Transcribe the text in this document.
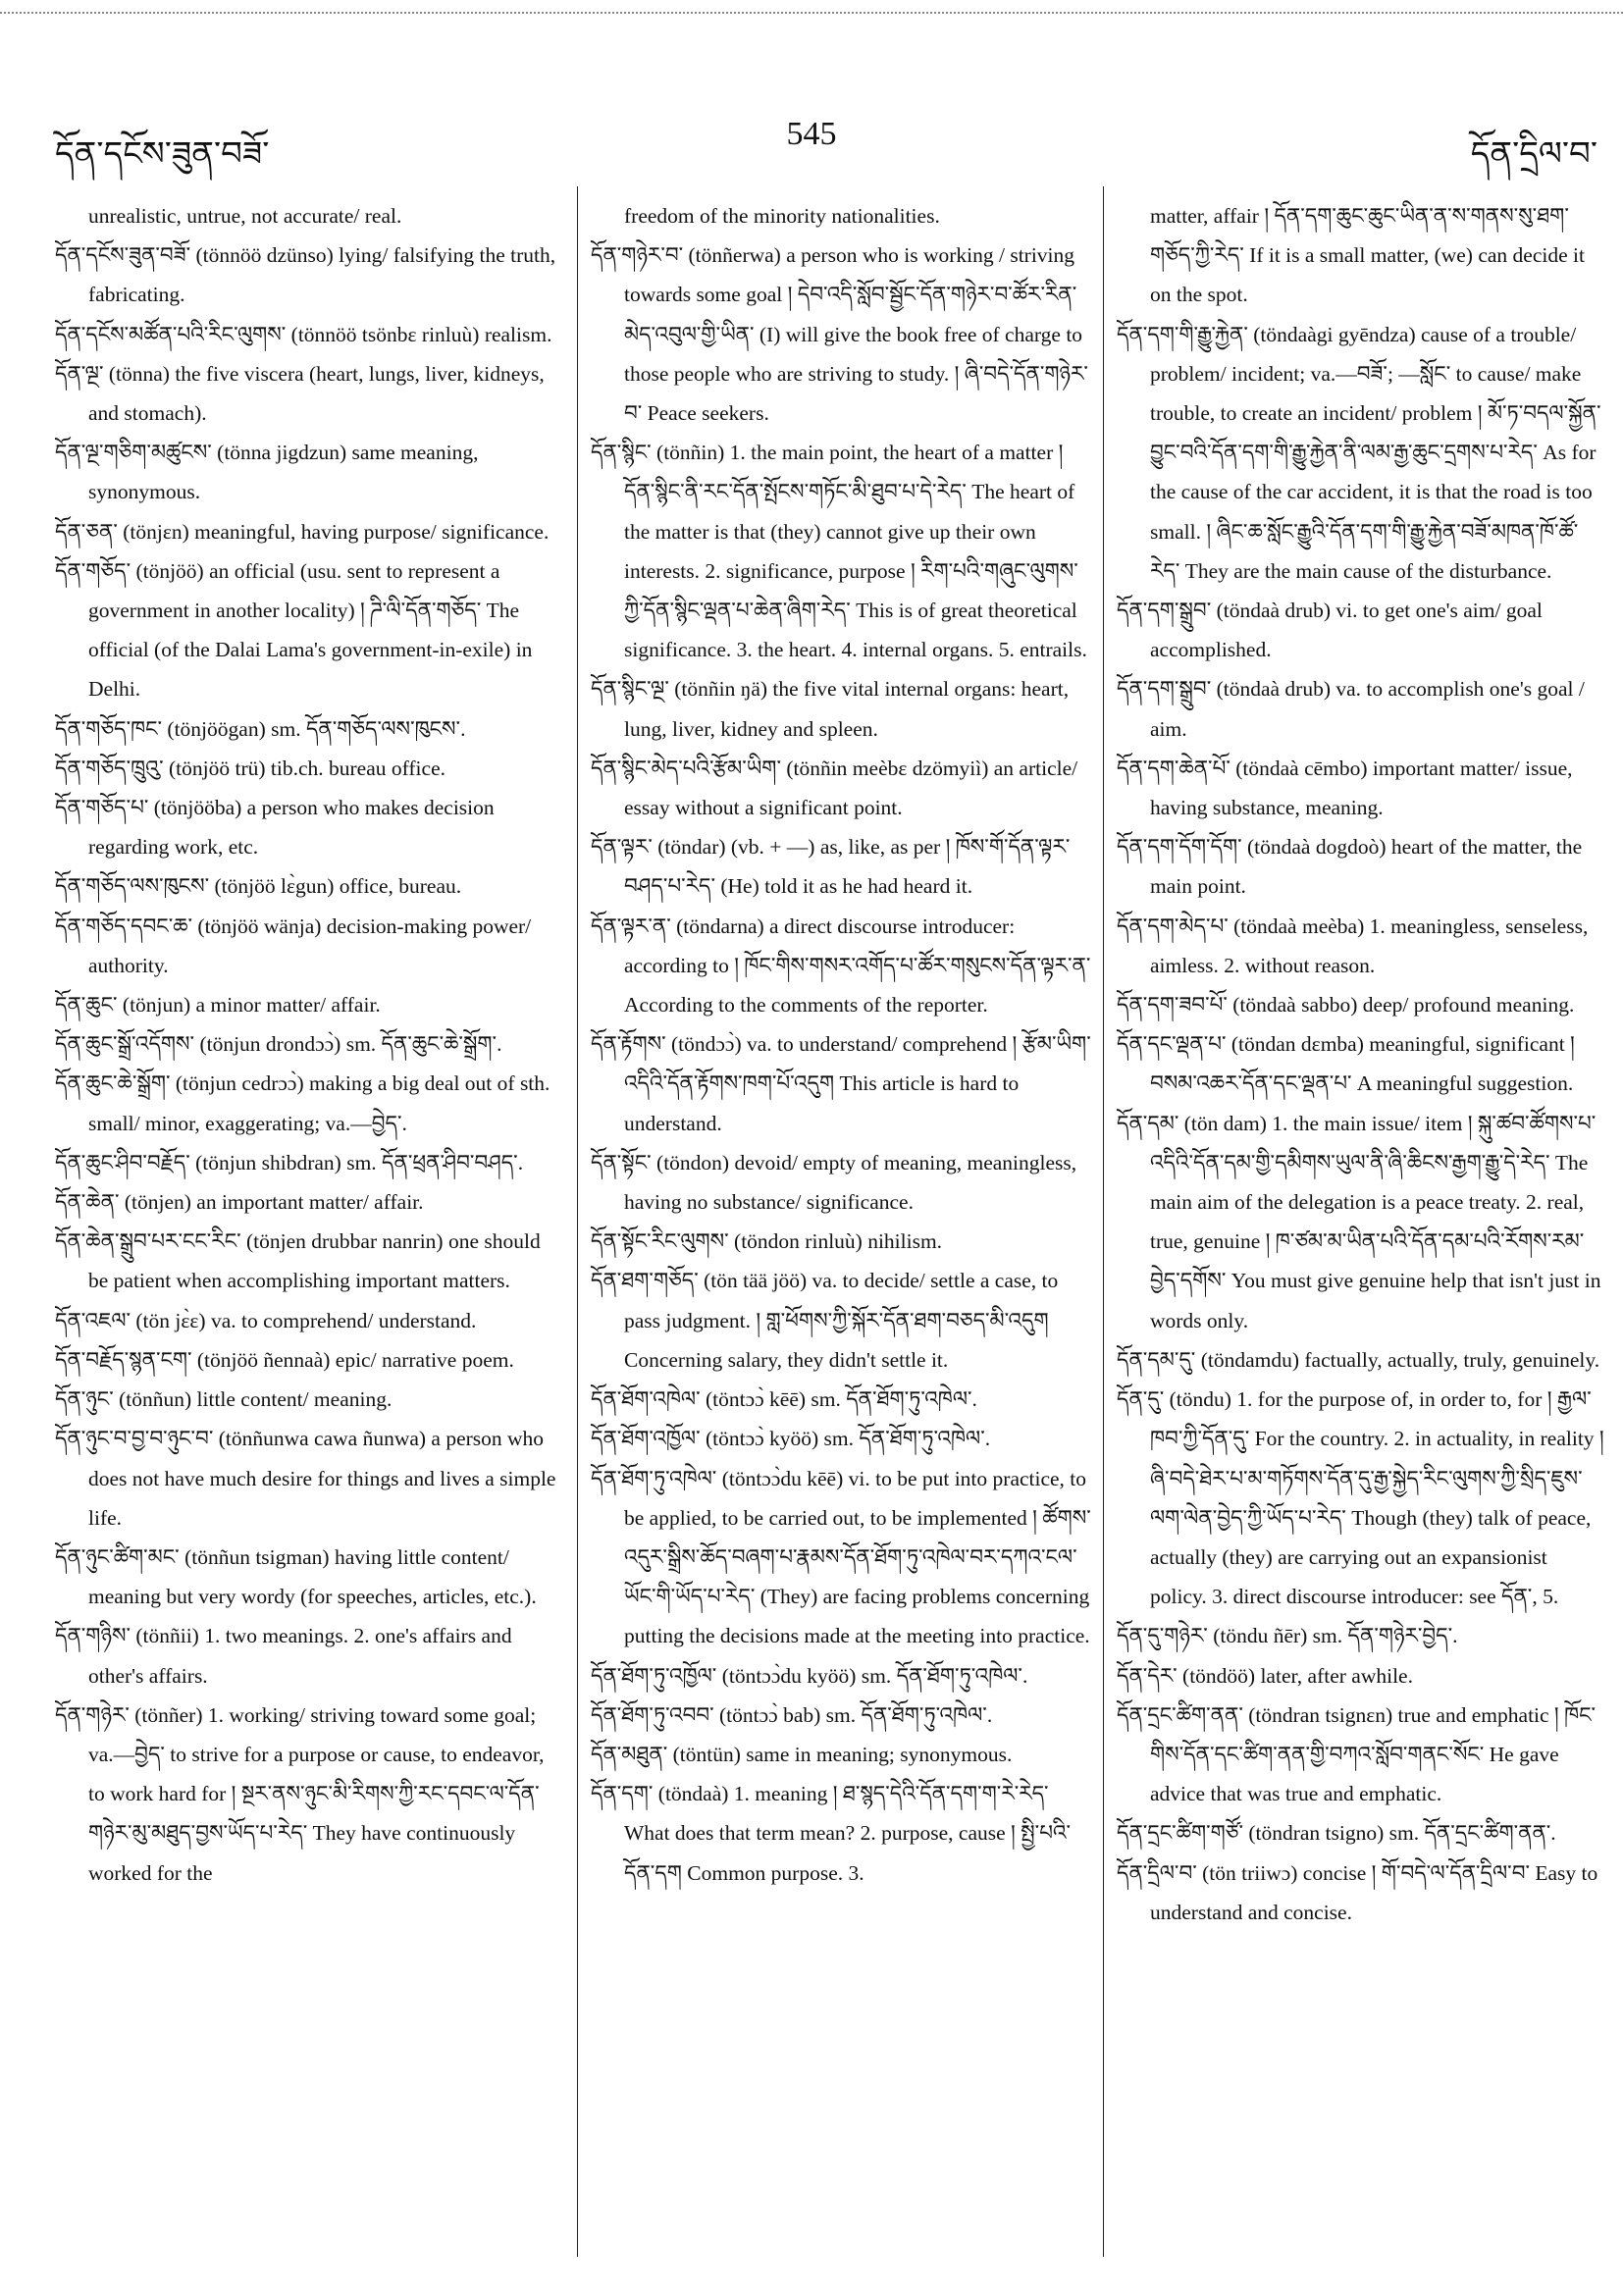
དོན་དངོས་ཟུན་བཟོ་
545
དོན་དྲིལ་བ་

unrealistic, untrue, not accurate/ real.

དོན་དངོས་ཟུན་བཟོ་ (tönnöö dzünso) lying/ falsifying the truth, fabricating.

དོན་དངོས་མཚོན་པའི་རིང་ལུགས་ (tönnöö tsönbɛ rinluù) realism.

དོན་ལྔ་ (tönna) the five viscera (heart, lungs, liver, kidneys, and stomach).

དོན་ལྔ་གཅིག་མཚུངས་ (tönna jigdzun) same meaning, synonymous.

དོན་ཅན་ (tönjɛn) meaningful, having purpose/ significance.

དོན་གཅོད་ (tönjöö) an official (usu. sent to represent a government in another locality) ། ཌི་ལི་དོན་གཅོད་ The official (of the Dalai Lama's government-in-exile) in Delhi.

དོན་གཅོད་ཁང་ (tönjöögan) sm. དོན་གཅོད་ལས་ཁུངས་.

དོན་གཅོད་ཁྲུའུ་ (tönjöö trü) tib.ch. bureau office.

དོན་གཅོད་པ་ (tönjööba) a person who makes decision regarding work, etc.

དོན་གཅོད་ལས་ཁུངས་ (tönjöö lɛ̀gun) office, bureau.

དོན་གཅོད་དབང་ཆ་ (tönjöö wänja) decision-making power/ authority.

དོན་ཆུང་ (tönjun) a minor matter/ affair.

དོན་ཆུང་སྒྲོ་འདོགས་ (tönjun drondɔɔ̀) sm. དོན་ཆུང་ཆེ་སྒྲོག་.

དོན་ཆུང་ཆེ་སྒྲོག་ (tönjun cedrɔɔ̀) making a big deal out of sth. small/ minor, exaggerating; va.—བྱེད་.

དོན་ཆུང་ཤིབ་བརྗོད་ (tönjun shibdran) sm. དོན་ཕྲན་ཤིབ་བཤད་.

དོན་ཆེན་ (tönjen) an important matter/ affair.

དོན་ཆེན་སྒྲུབ་པར་ངང་རིང་ (tönjen drubbar nanrin) one should be patient when accomplishing important matters.

དོན་འཇལ་ (tön jɛ̀ɛ) va. to comprehend/ understand.

དོན་བརྗོད་སྙན་ངག་ (tönjöö ñennaà) epic/ narrative poem.

དོན་ཉུང་ (tönñun) little content/ meaning.

དོན་ཉུང་བ་བྱ་བ་ཉུང་བ་ (tönñunwa cawa ñunwa) a person who does not have much desire for things and lives a simple life.

དོན་ཉུང་ཚིག་མང་ (tönñun tsigman) having little content/ meaning but very wordy (for speeches, articles, etc.).

དོན་གཉིས་ (tönñii) 1. two meanings. 2. one's affairs and other's affairs.

དོན་གཉེར་ (tönñer) 1. working/ striving toward some goal; va.—བྱེད་ to strive for a purpose or cause, to endeavor, to work hard for ། སྔར་ནས་ཉུང་མི་རིགས་ཀྱི་རང་དབང་ལ་དོན་གཉེར་མུ་མཐུད་བྱས་ཡོད་པ་རེད་ They have continuously worked for the

freedom of the minority nationalities.

དོན་གཉེར་བ་ (tönñerwa) a person who is working / striving towards some goal ། དེབ་འདི་སློབ་སྦྱོང་དོན་གཉེར་བ་ཚོར་རིན་མེད་འབུལ་གྱི་ཡིན་ (I) will give the book free of charge to those people who are striving to study. ། ཞི་བདེ་དོན་གཉེར་བ་ Peace seekers.

དོན་སྙིང་ (tönñin) 1. the main point, the heart of a matter ། དོན་སྙིང་ནི་རང་དོན་སྤོངས་གཏོང་མི་ཐུབ་པ་དེ་རེད་ The heart of the matter is that (they) cannot give up their own interests. 2. significance, purpose ། རིག་པའི་གཞུང་ལུགས་ཀྱི་དོན་སྙིང་ལྡན་པ་ཆེན་ཞིག་རེད་ This is of great theoretical significance. 3. the heart. 4. internal organs. 5. entrails.

དོན་སྙིང་ལྔ་ (tönñin ŋä) the five vital internal organs: heart, lung, liver, kidney and spleen.

དོན་སྙིང་མེད་པའི་རྩོམ་ཡིག་ (tönñin meèbɛ dzömyiì) an article/ essay without a significant point.

དོན་ལྟར་ (töndar) (vb. + —) as, like, as per ། ཁོས་གོ་དོན་ལྟར་བཤད་པ་རེད་ (He) told it as he had heard it.

དོན་ལྟར་ན་ (töndarna) a direct discourse introducer: according to ། ཁོང་གིས་གསར་འགོད་པ་ཚོར་གསུངས་དོན་ལྟར་ན་ According to the comments of the reporter.

དོན་རྟོགས་ (töndɔɔ̀) va. to understand/ comprehend ། རྩོམ་ཡིག་འདིའི་དོན་རྟོགས་ཁག་པོ་འདུག This article is hard to understand.

དོན་སྟོང་ (töndon) devoid/ empty of meaning, meaningless, having no substance/ significance.

དོན་སྟོང་རིང་ལུགས་ (töndon rinluù) nihilism.

དོན་ཐག་གཅོད་ (tön tää jöö) va. to decide/ settle a case, to pass judgment. ། གླ་ཕོགས་ཀྱི་སྐོར་དོན་ཐག་བཅད་མི་འདུག Concerning salary, they didn't settle it.

དོན་ཐོག་འཁེལ་ (töntɔɔ̀ kēē) sm. དོན་ཐོག་ཏུ་འཁེལ་.

དོན་ཐོག་འཁྱོལ་ (töntɔɔ̀ kyöö) sm. དོན་ཐོག་ཏུ་འཁེལ་.

དོན་ཐོག་ཏུ་འཁེལ་ (töntɔɔ̀du kēē) vi. to be put into practice, to be applied, to be carried out, to be implemented ། ཚོགས་འདུར་སྒྲིས་ཆོད་བཞག་པ་རྣམས་དོན་ཐོག་ཏུ་འཁེལ་བར་དཀའ་ངལ་ཡོང་གི་ཡོད་པ་རེད་ (They) are facing problems concerning putting the decisions made at the meeting into practice.

དོན་ཐོག་ཏུ་འཁྱོལ་ (töntɔɔ̀du kyöö) sm. དོན་ཐོག་ཏུ་འཁེལ་.

དོན་ཐོག་ཏུ་འབབ་ (töntɔɔ̀ bab) sm. དོན་ཐོག་ཏུ་འཁེལ་.

དོན་མཐུན་ (töntün) same in meaning; synonymous.

དོན་དག་ (töndaà) 1. meaning ། ཐ་སྙད་དེའི་དོན་དག་ག་རེ་རེད་ What does that term mean? 2. purpose, cause ། སྤྱི་པའི་དོན་དག Common purpose. 3.

matter, affair ། དོན་དག་ཆུང་ཆུང་ཡིན་ན་ས་གནས་སུ་ཐག་གཅོད་ཀྱི་རེད་ If it is a small matter, (we) can decide it on the spot.

དོན་དག་གི་རྒྱུ་རྐྱེན་ (töndaàgi gyēndza) cause of a trouble/ problem/ incident; va.—བཟོ་; —སློང་ to cause/ make trouble, to create an incident/ problem ། མོ་ཏ་བདལ་སྐྱོན་བྱུང་བའི་དོན་དག་གི་རྒྱུ་རྐྱེན་ནི་ལམ་རྒྱ་ཆུང་དྲགས་པ་རེད་ As for the cause of the car accident, it is that the road is too small. ། ཞིང་ཆ་སློང་རྒྱུའི་དོན་དག་གི་རྒྱུ་རྐྱེན་བཟོ་མཁན་ཁོ་ཚོ་རེད་ They are the main cause of the disturbance.

དོན་དག་སྒྲུབ་ (töndaà drub) vi. to get one's aim/ goal accomplished.

དོན་དག་སྒྲུབ་ (töndaà drub) va. to accomplish one's goal / aim.

དོན་དག་ཆེན་པོ་ (töndaà cēmbo) important matter/ issue, having substance, meaning.

དོན་དག་དོག་དོག་ (töndaà dogdoò) heart of the matter, the main point.

དོན་དག་མེད་པ་ (töndaà meèba) 1. meaningless, senseless, aimless. 2. without reason.

དོན་དག་ཟབ་པོ་ (töndaà sabbo) deep/ profound meaning.

དོན་དང་ལྡན་པ་ (töndan dɛmba) meaningful, significant ། བསམ་འཆར་དོན་དང་ལྡན་པ་ A meaningful suggestion.

དོན་དམ་ (tön dam) 1. the main issue/ item ། སྐུ་ཚབ་ཚོགས་པ་འདིའི་དོན་དམ་གྱི་དམིགས་ཡུལ་ནི་ཞི་ཆིངས་རྒྱག་རྒྱུ་དེ་རེད་ The main aim of the delegation is a peace treaty. 2. real, true, genuine ། ཁ་ཙམ་མ་ཡིན་པའི་དོན་དམ་པའི་རོགས་རམ་བྱེད་དགོས་ You must give genuine help that isn't just in words only.

དོན་དམ་དུ་ (töndamdu) factually, actually, truly, genuinely.

དོན་དུ་ (töndu) 1. for the purpose of, in order to, for ། རྒྱལ་ཁབ་ཀྱི་དོན་དུ་ For the country. 2. in actuality, in reality ། ཞི་བདེ་ཐེར་པ་མ་གཏོགས་དོན་དུ་རྒྱ་སྐྱེད་རིང་ལུགས་ཀྱི་སྲིད་ཇུས་ལག་ལེན་བྱེད་ཀྱི་ཡོད་པ་རེད་ Though (they) talk of peace, actually (they) are carrying out an expansionist policy. 3. direct discourse introducer: see དོན་, 5.

དོན་དུ་གཉེར་ (töndu ñēr) sm. དོན་གཉེར་བྱེད་.

དོན་དེར་ (töndöö) later, after awhile.

དོན་དྲང་ཚིག་ནན་ (töndran tsignɛn) true and emphatic ། ཁོང་གིས་དོན་དང་ཚིག་ནན་གྱི་བཀའ་སློབ་གནང་སོང་ He gave advice that was true and emphatic.

དོན་དྲང་ཚིག་གཙོ་ (töndran tsigno) sm. དོན་དྲང་ཚིག་ནན་.

དོན་དྲིལ་བ་ (tön triiwɔ) concise ། གོ་བདེ་ལ་དོན་དྲིལ་བ་ Easy to understand and concise.
